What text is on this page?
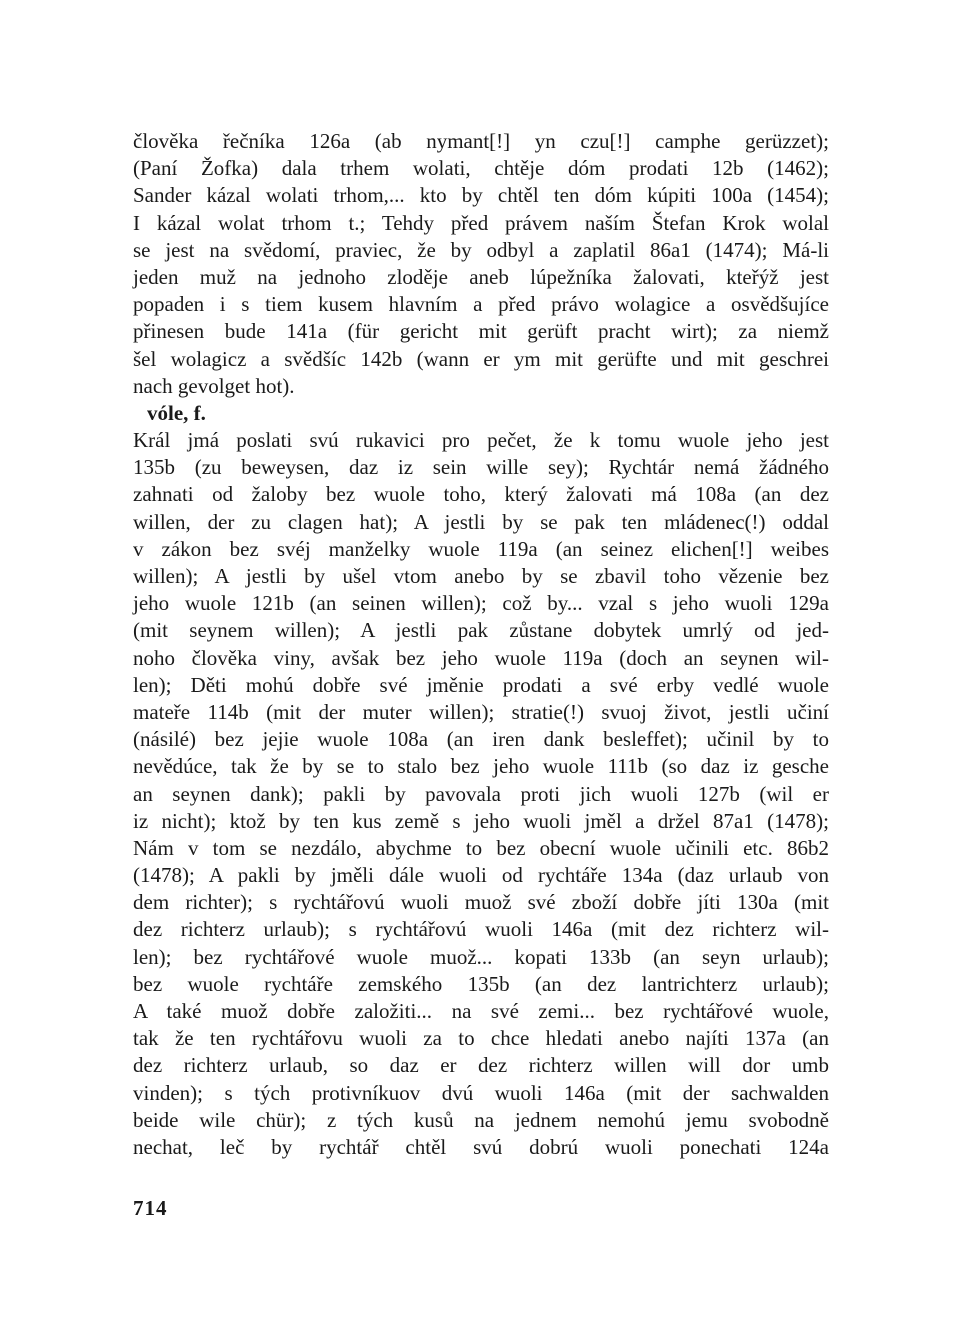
člověka řečníka 126a (ab nymant[!] yn czu[!] camphe gerüzzet);
(Paní Žofka) dala trhem wolati, chtěje dóm prodati 12b (1462);
Sander kázal wolati trhom,... kto by chtěl ten dóm kúpiti 100a (1454);
I kázal wolat trhom t.; Tehdy před právem naším Štefan Krok wolal
se jest na svědomí, praviec, že by odbyl a zaplatil 86a1 (1474); Má-li
jeden muž na jednoho zloděje aneb lúpežníka žalovati, kteřýž jest
popaden i s tiem kusem hlavním a před právo wolagice a osvědšujíce
přinesen bude 141a (für gericht mit gerüft pracht wirt); za niemž
šel wolagicz a svědšíc 142b (wann er ym mit gerüfte und mit geschrei
nach gevolget hot).
vóle, f.
Král jmá poslati svú rukavici pro pečet, že k tomu wuole jeho jest
135b (zu beweysen, daz iz sein wille sey); Rychtár nemá žádného
zahnati od žaloby bez wuole toho, který žalovati má 108a (an dez
willen, der zu clagen hat); A jestli by se pak ten mládenec(!) oddal
v zákon bez svéj manželky wuole 119a (an seinez elichen[!] weibes
willen); A jestli by ušel vtom anebo by se zbavil toho vězenie bez
jeho wuole 121b (an seinen willen); což by... vzal s jeho wuoli 129a
(mit seynem willen); A jestli pak zůstane dobytek umrlý od jed-
noho člověka viny, avšak bez jeho wuole 119a (doch an seynen wil-
len); Děti mohú dobře své jměnie prodati a své erby vedlé wuole
mateře 114b (mit der muter willen); stratie(!) svuoj život, jestli učiní
(násilé) bez jejie wuole 108a (an iren dank besleffet); učinil by to
nevědúce, tak že by se to stalo bez jeho wuole 111b (so daz iz gesche
an seynen dank); pakli by pavovala proti jich wuoli 127b (wil er
iz nicht); ktož by ten kus země s jeho wuoli jměl a držel 87a1 (1478);
Nám v tom se nezdálo, abychme to bez obecní wuole učinili etc. 86b2
(1478); A pakli by jměli dále wuoli od rychtáře 134a (daz urlaub von
dem richter); s rychtářovú wuoli muož své zboží dobře jíti 130a (mit
dez richterz urlaub); s rychtářovú wuoli 146a (mit dez richterz wil-
len); bez rychtářové wuole muož... kopati 133b (an seyn urlaub);
bez wuole rychtáře zemského 135b (an dez lantrichterz urlaub);
A také muož dobře založiti... na své zemi... bez rychtářové wuole,
tak že ten rychtářovu wuoli za to chce hledati anebo najíti 137a (an
dez richterz urlaub, so daz er dez richterz willen will dor umb
vinden); s tých protivníkuov dvú wuoli 146a (mit der sachwalden
beide wile chür); z tých kusů na jednem nemohú jemu svobodně
nechat, leč by rychtář chtěl svú dobrú wuoli ponechati 124a
714
